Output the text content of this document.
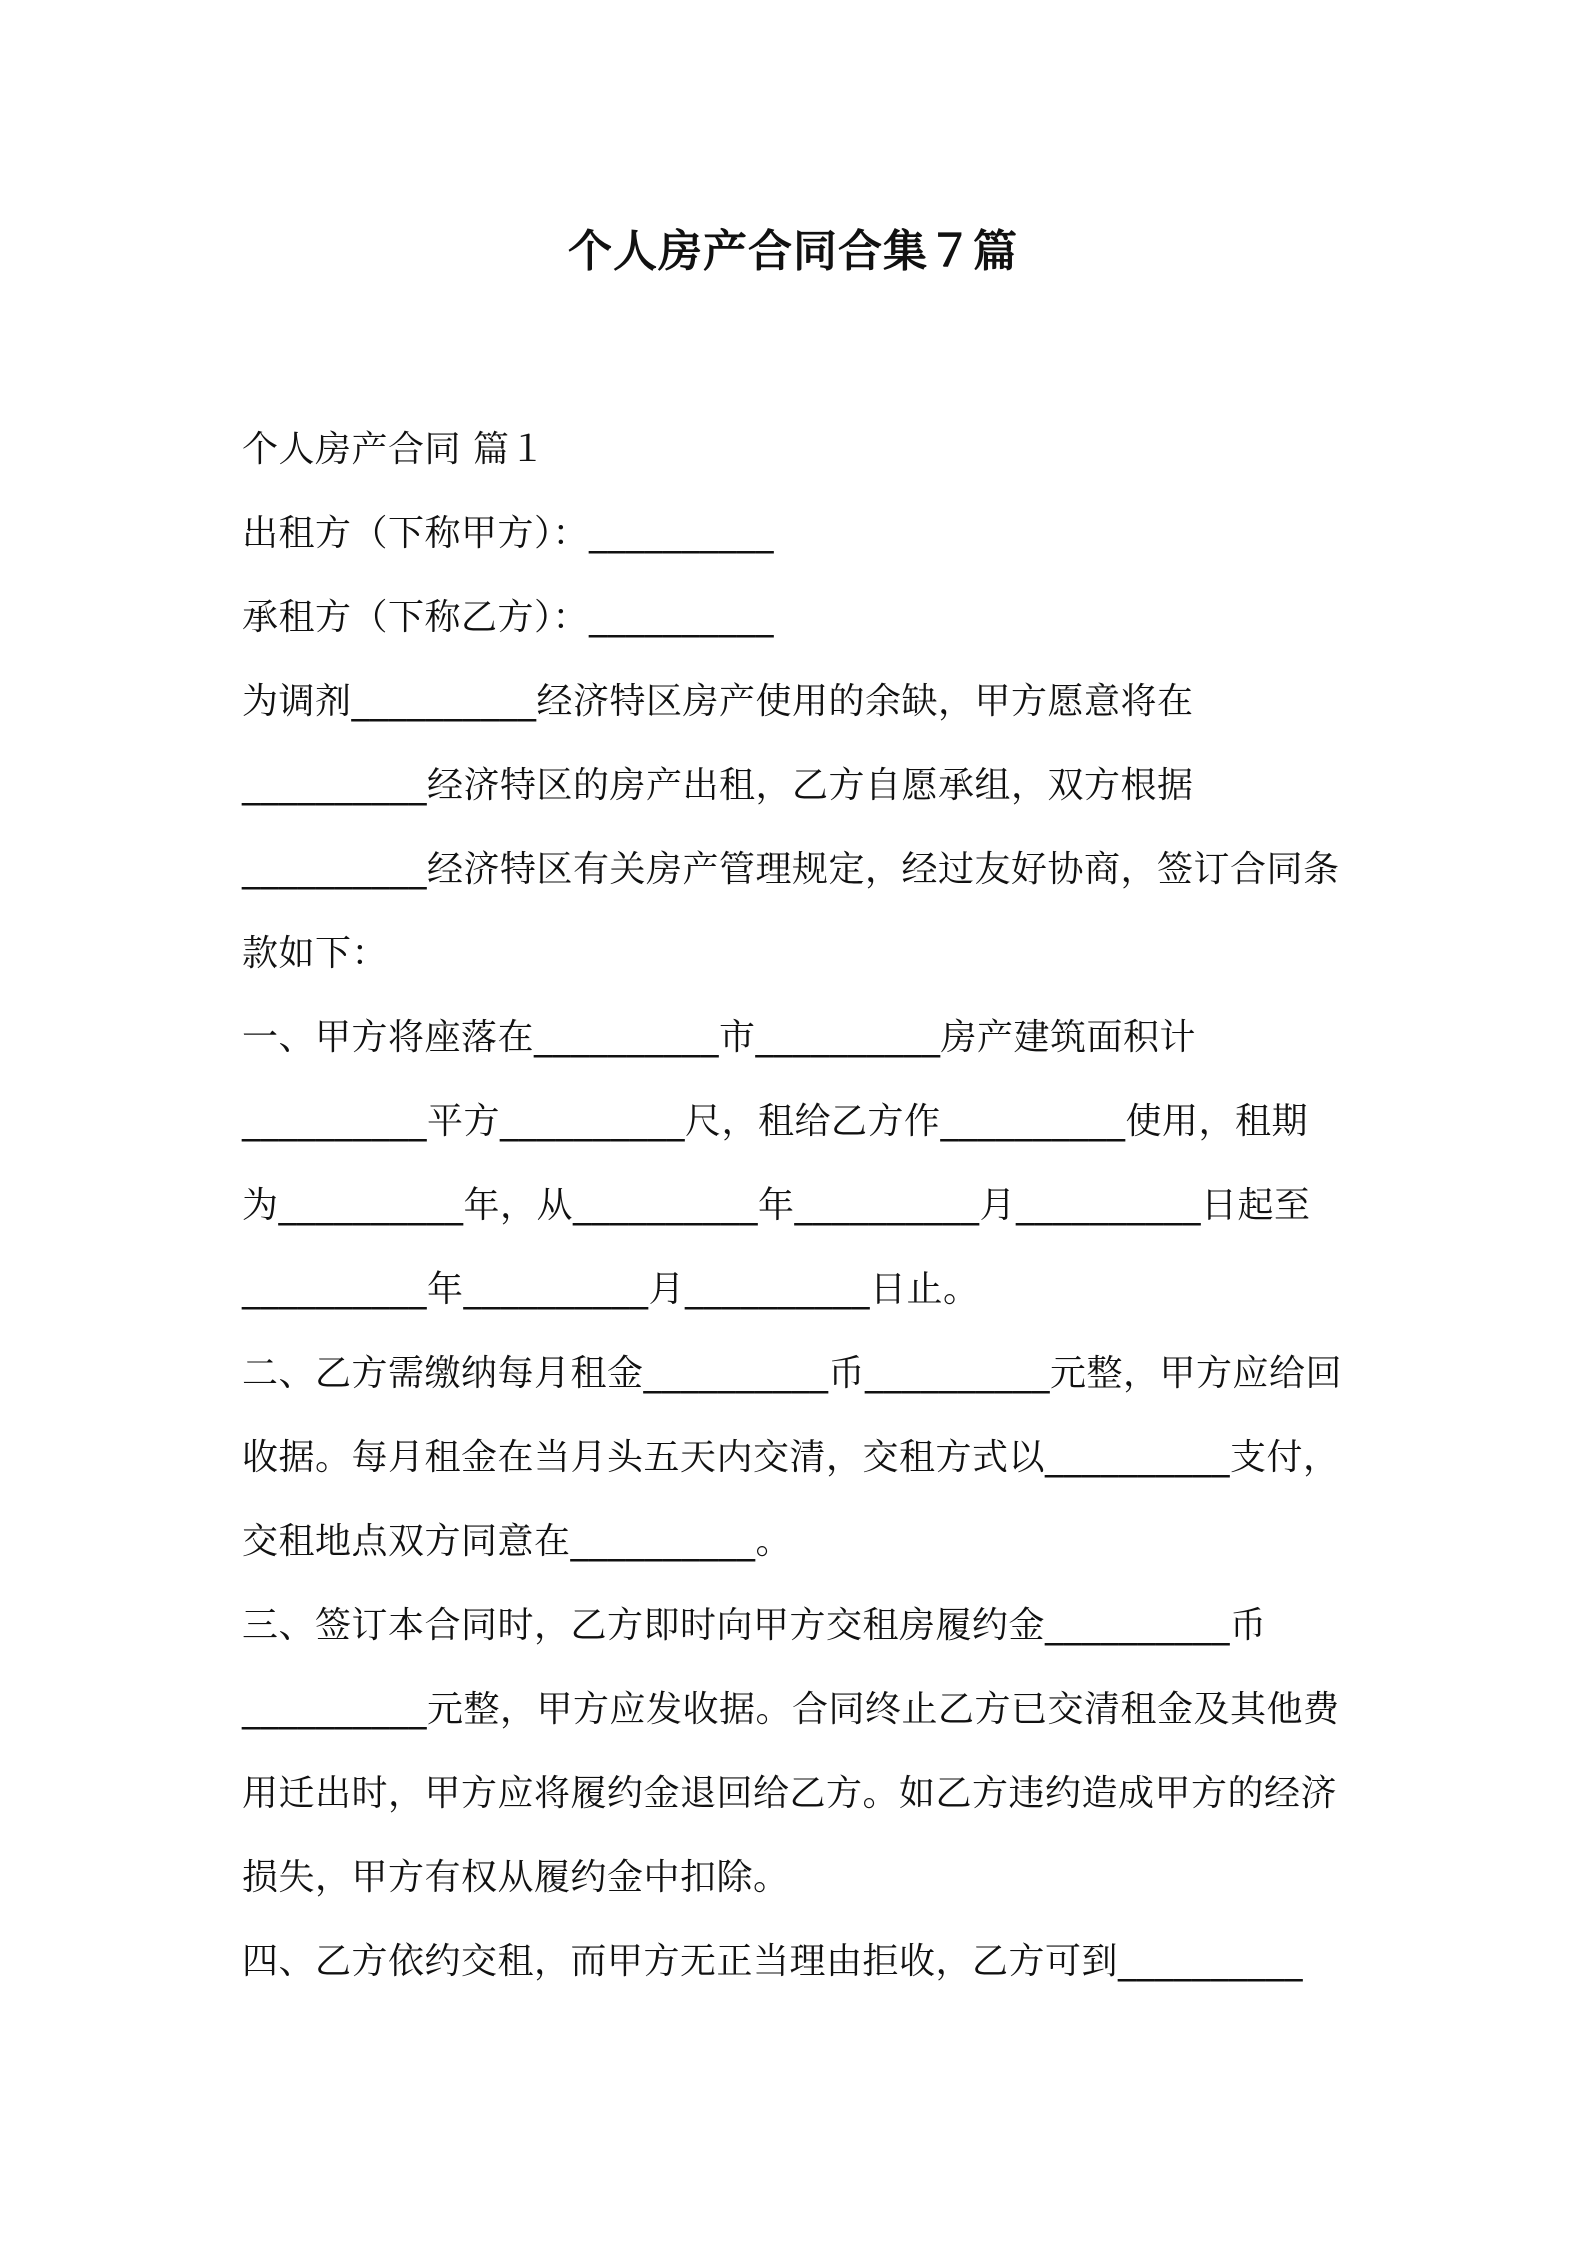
个人房产合同合集７篇
个人房产合同 篇１
出租方（下称甲方）：__________
承租方（下称乙方）：__________
为调剂__________经济特区房产使用的余缺，甲方愿意将在
__________经济特区的房产出租，乙方自愿承组，双方根据
__________经济特区有关房产管理规定，经过友好协商，签订合同条
款如下：
一、甲方将座落在__________市__________房产建筑面积计
__________平方__________尺，租给乙方作__________使用，租期
为__________年，从__________年__________月__________日起至
__________年__________月__________日止。
二、乙方需缴纳每月租金__________币__________元整，甲方应给回
收据。每月租金在当月头五天内交清，交租方式以__________支付，
交租地点双方同意在__________。
三、签订本合同时，乙方即时向甲方交租房履约金__________币
__________元整，甲方应发收据。合同终止乙方已交清租金及其他费
用迁出时，甲方应将履约金退回给乙方。如乙方违约造成甲方的经济
损失，甲方有权从履约金中扣除。
四、乙方依约交租，而甲方无正当理由拒收，乙方可到__________
